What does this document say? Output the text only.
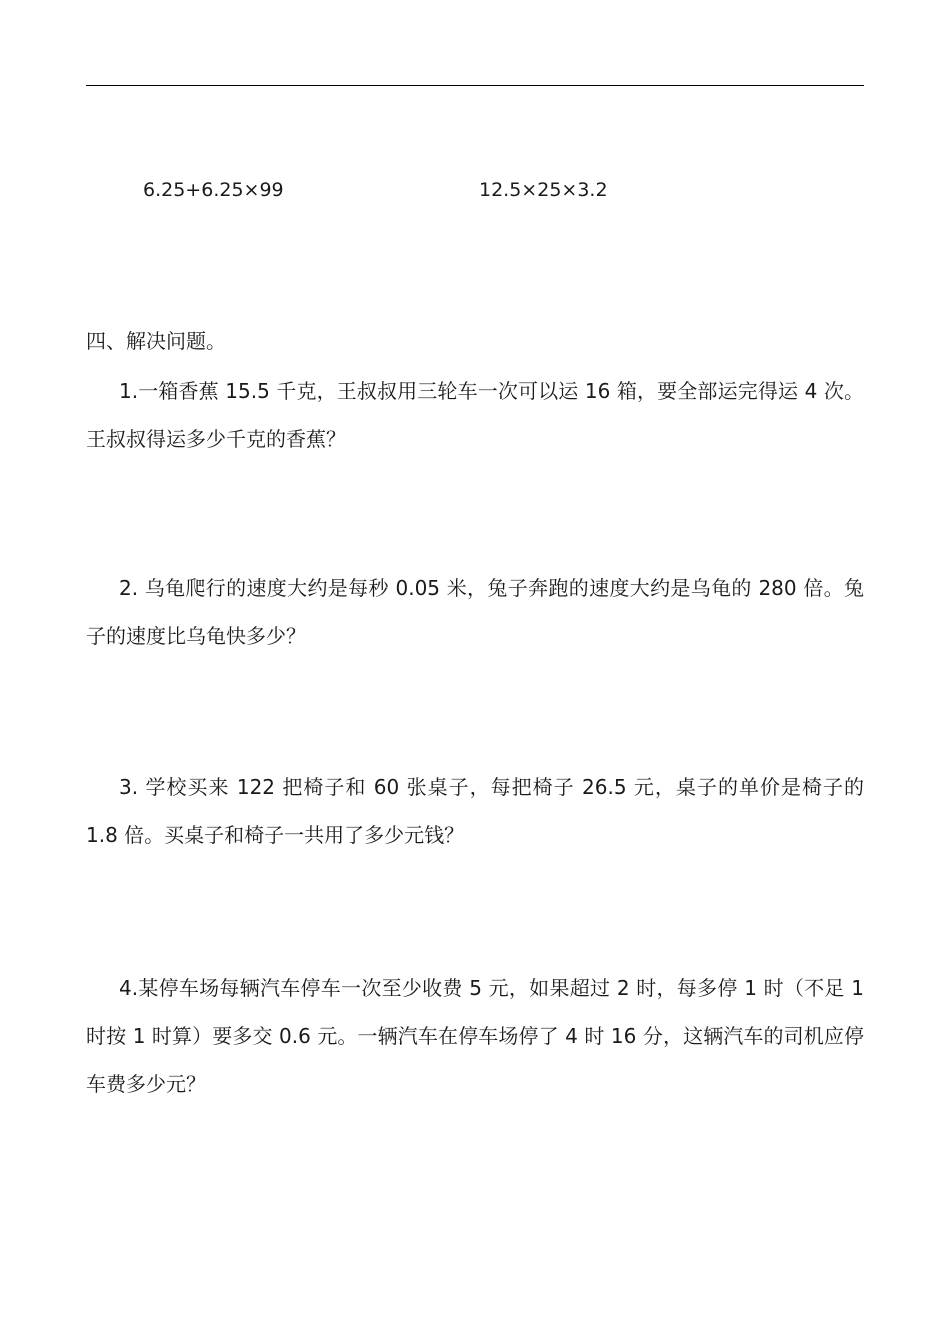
6.25+6.25×99	12.5×25×3.2
四、解决问题。
1.一箱香蕉 15.5 千克，王叔叔用三轮车一次可以运 16 箱，要全部运完得运 4 次。王叔叔得运多少千克的香蕉？
2. 乌龟爬行的速度大约是每秒 0.05 米，兔子奔跑的速度大约是乌龟的 280 倍。兔子的速度比乌龟快多少？
3. 学校买来 122 把椅子和 60 张桌子，每把椅子 26.5 元，桌子的单价是椅子的 1.8 倍。买桌子和椅子一共用了多少元钱？
4.某停车场每辆汽车停车一次至少收费 5 元，如果超过 2 时，每多停 1 时（不足 1 时按 1 时算）要多交 0.6 元。一辆汽车在停车场停了 4 时 16 分，这辆汽车的司机应停车费多少元？
